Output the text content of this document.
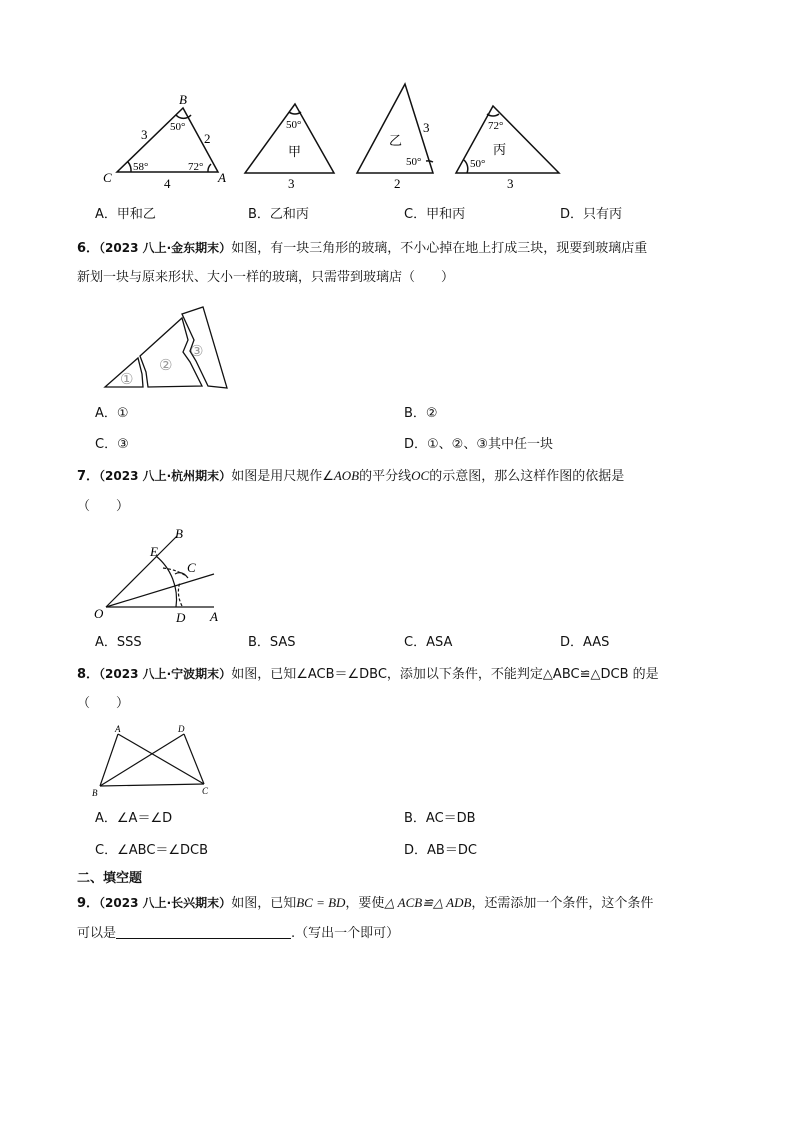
B
C	A
3	2
4
50°
58°	72°
50°
甲
3
乙
3
50°
2
72°
丙
50°
3
A．甲和乙	B．乙和丙	C．甲和丙	D．只有丙
6．（2023 八上·金东期末）如图，有一块三角形的玻璃，不小心掉在地上打成三块，现要到玻璃店重
新划一块与原来形状、大小一样的玻璃，只需带到玻璃店（　　）
①
②
③
A．①	B．②
C．③	D．①、②、③其中任一块
7．（2023 八上·杭州期末）如图是用尺规作∠AOB的平分线OC的示意图，那么这样作图的依据是
（　　）
O	A
B
C
D
E
A．SSS	B．SAS	C．ASA	D．AAS
8．（2023 八上·宁波期末）如图，已知∠ACB＝∠DBC，添加以下条件，不能判定△ABC≌△DCB 的是
（　　）
A	D
B	C
A．∠A＝∠D	B．AC＝DB
C．∠ABC＝∠DCB	D．AB＝DC
二、填空题
9．（2023 八上·长兴期末）如图，已知BC = BD，要使△ ACB≌△ ADB，还需添加一个条件，这个条件
可以是	.（写出一个即可）
